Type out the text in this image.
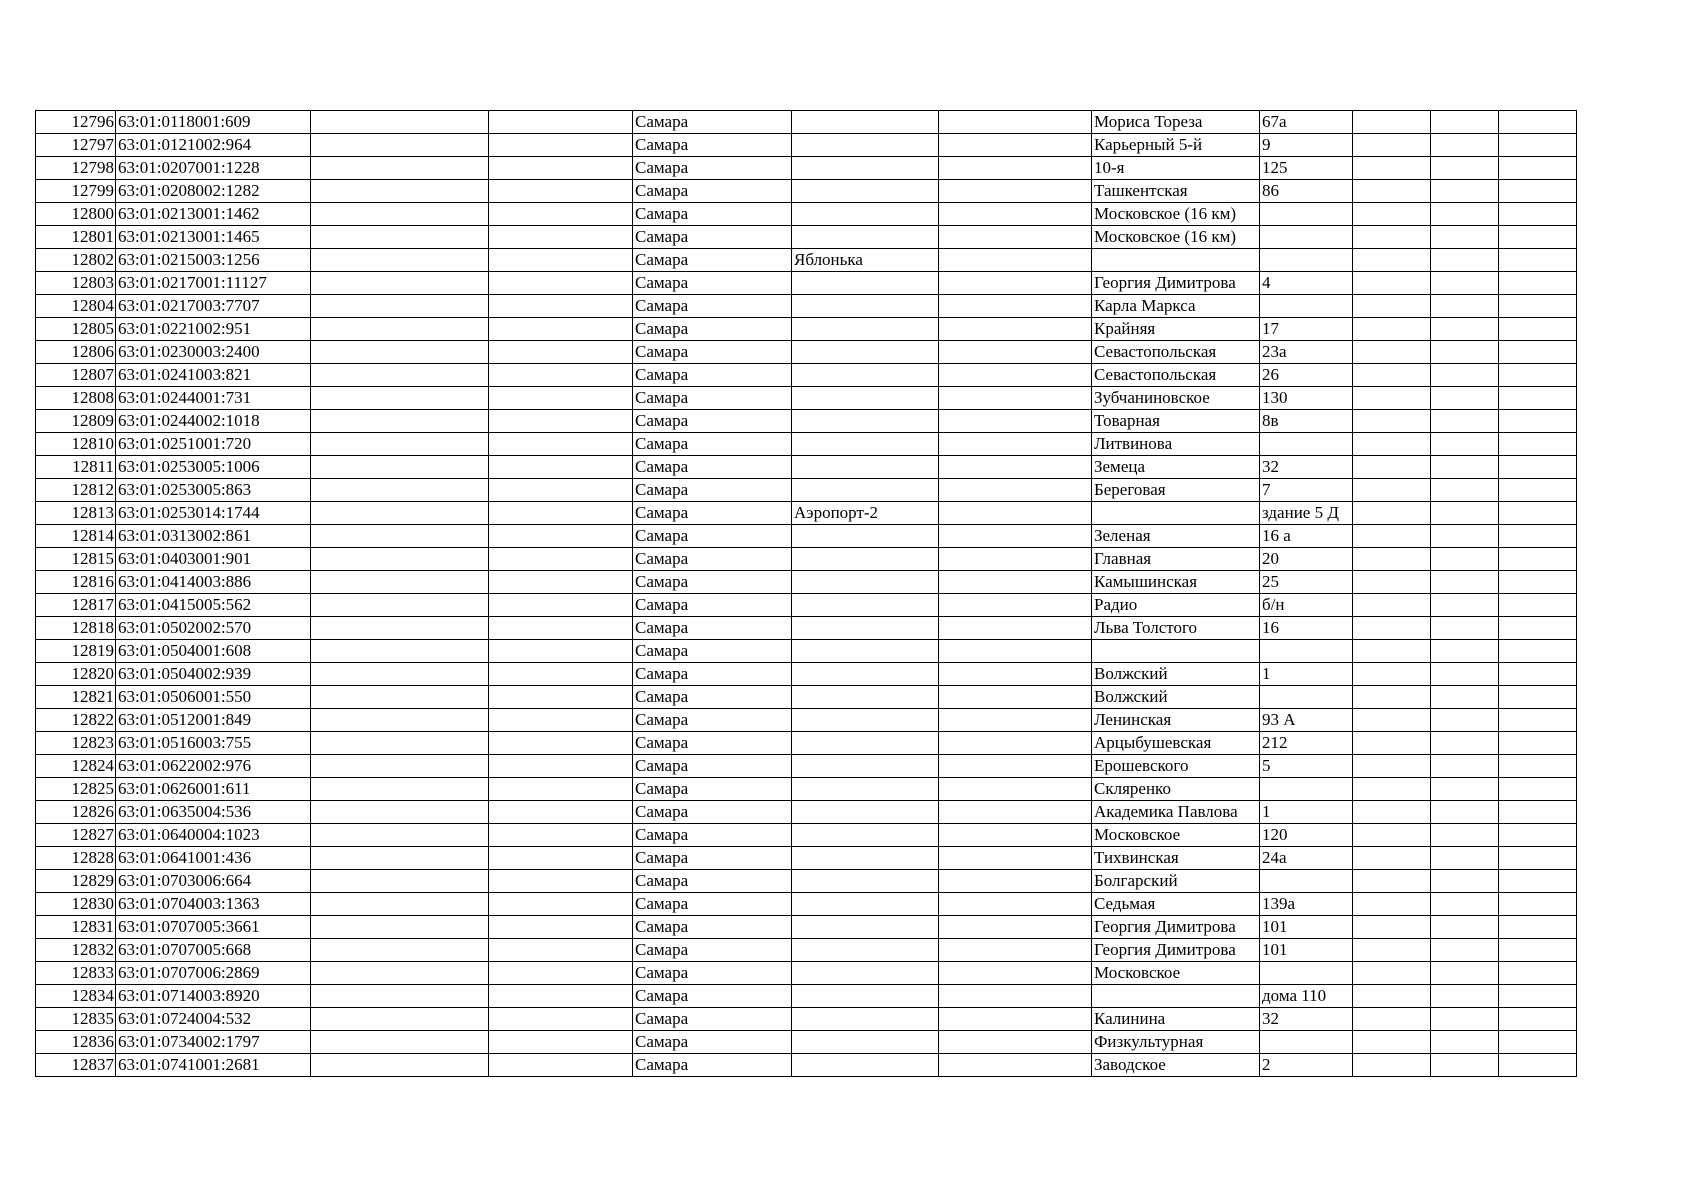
12796	63:01:0118001:609			Самара			Мориса Тореза	67а			
12797	63:01:0121002:964			Самара			Карьерный 5-й	9			
12798	63:01:0207001:1228			Самара			10-я	125			
12799	63:01:0208002:1282			Самара			Ташкентская	86			
12800	63:01:0213001:1462			Самара			Московское (16 км)				
12801	63:01:0213001:1465			Самара			Московское (16 км)				
12802	63:01:0215003:1256			Самара	Яблонька						
12803	63:01:0217001:11127			Самара			Георгия Димитрова	4			
12804	63:01:0217003:7707			Самара			Карла Маркса				
12805	63:01:0221002:951			Самара			Крайняя	17			
12806	63:01:0230003:2400			Самара			Севастопольская	23а			
12807	63:01:0241003:821			Самара			Севастопольская	26			
12808	63:01:0244001:731			Самара			Зубчаниновское	130			
12809	63:01:0244002:1018			Самара			Товарная	8в			
12810	63:01:0251001:720			Самара			Литвинова				
12811	63:01:0253005:1006			Самара			Земеца	32			
12812	63:01:0253005:863			Самара			Береговая	7			
12813	63:01:0253014:1744			Самара	Аэропорт-2			здание 5 Д			
12814	63:01:0313002:861			Самара			Зеленая	16 а			
12815	63:01:0403001:901			Самара			Главная	20			
12816	63:01:0414003:886			Самара			Камышинская	25			
12817	63:01:0415005:562			Самара			Радио	б/н			
12818	63:01:0502002:570			Самара			Льва Толстого	16			
12819	63:01:0504001:608			Самара							
12820	63:01:0504002:939			Самара			Волжский	1			
12821	63:01:0506001:550			Самара			Волжский				
12822	63:01:0512001:849			Самара			Ленинская	93 А			
12823	63:01:0516003:755			Самара			Арцыбушевская	212			
12824	63:01:0622002:976			Самара			Ерошевского	5			
12825	63:01:0626001:611			Самара			Скляренко				
12826	63:01:0635004:536			Самара			Академика Павлова	1			
12827	63:01:0640004:1023			Самара			Московское	120			
12828	63:01:0641001:436			Самара			Тихвинская	24а			
12829	63:01:0703006:664			Самара			Болгарский				
12830	63:01:0704003:1363			Самара			Седьмая	139а			
12831	63:01:0707005:3661			Самара			Георгия Димитрова	101			
12832	63:01:0707005:668			Самара			Георгия Димитрова	101			
12833	63:01:0707006:2869			Самара			Московское				
12834	63:01:0714003:8920			Самара				дома 110			
12835	63:01:0724004:532			Самара			Калинина	32			
12836	63:01:0734002:1797			Самара			Физкультурная				
12837	63:01:0741001:2681			Самара			Заводское	2			
